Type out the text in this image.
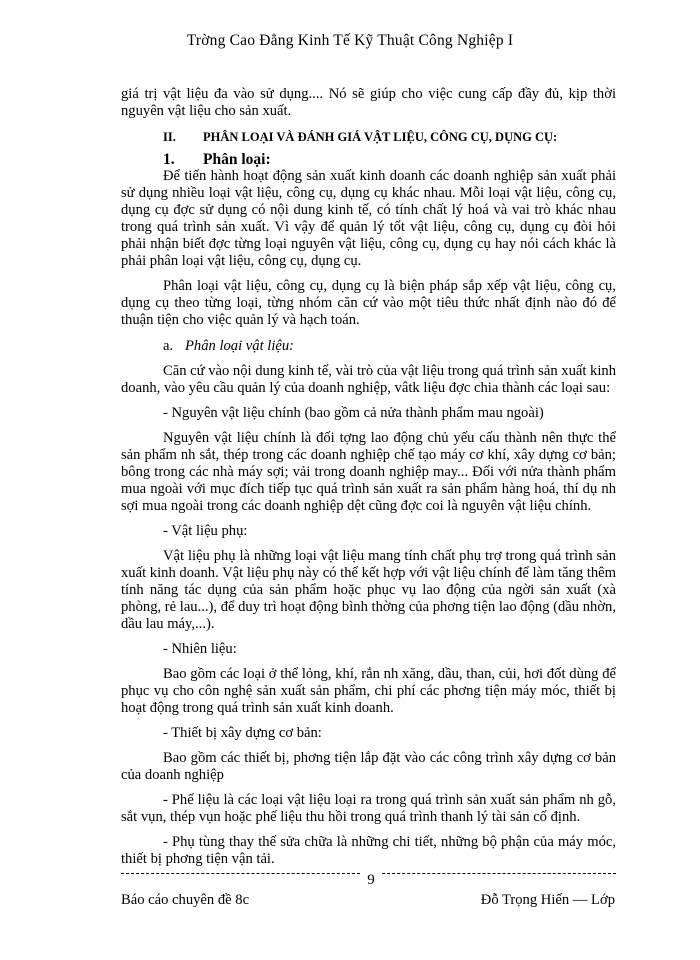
Trờng Cao Đẳng Kinh Tế Kỹ Thuật Công Nghiệp I

giá trị vật liệu đa vào sử dụng.... Nó sẽ giúp cho việc cung cấp đầy đủ, kịp thời nguyên vật liệu cho sản xuất.

II. PHÂN LOẠI VÀ ĐÁNH GIÁ VẬT LIỆU, CÔNG CỤ, DỤNG CỤ:

1. Phân loại:

Để tiến hành hoạt động sản xuất kinh doanh các doanh nghiệp sản xuất phải sử dụng nhiều loại vật liệu, công cụ, dụng cụ khác nhau. Mỗi loại vật liệu, công cụ, dụng cụ đợc sử dụng có nội dung kinh tế, có tính chất lý hoá và vai trò khác nhau trong quá trình sản xuất. Vì vậy để quản lý tốt vật liệu, công cụ, dụng cụ đòi hỏi phải nhận biết đợc từng loại nguyên vật liệu, công cụ, dụng cụ hay nói cách khác là phải phân loại vật liệu, công cụ, dụng cụ.

Phân loại vật liệu, công cụ, dụng cụ là biện pháp sắp xếp vật liệu, công cụ, dụng cụ theo từng loại, từng nhóm căn cứ vào một tiêu thức nhất định nào đó để thuận tiện cho việc quản lý và hạch toán.

a. Phân loại vật liệu:

Căn cứ vào nội dung kinh tế, vài trò của vật liệu trong quá trình sản xuất kinh doanh, vào yêu cầu quản lý của doanh nghiệp, vâtk liệu đợc chia thành các loại sau:

- Nguyên vật liệu chính (bao gồm cả nửa thành phẩm mau ngoài)

Nguyên vật liệu chính là đối tợng lao động chủ yếu cấu thành nên thực thể sản phẩm nh sắt, thép trong các doanh nghiệp chế tạo máy cơ khí, xây dựng cơ bản; bông trong các nhà máy sợi; vải trong doanh nghiệp may... Đối với nửa thành phẩm mua ngoài với mục đích tiếp tục quá trình sản xuất ra sản phẩm hàng hoá, thí dụ nh sợi mua ngoài trong các doanh nghiệp dệt cũng đợc coi là nguyên vật liệu chính.

- Vật liệu phụ:

Vật liệu phụ là những loại vật liệu mang tính chất phụ trợ trong quá trình sản xuất kinh doanh. Vật liệu phụ này có thể kết hợp với vật liệu chính để làm tăng thêm tính năng tác dụng của sản phẩm hoặc phục vụ lao động của ngời sản xuất (xà phòng, rẻ lau...), để duy trì hoạt động bình thờng của phơng tiện lao động (dầu nhờn, dầu lau máy,...).

- Nhiên liệu:

Bao gồm các loại ở thể lỏng, khí, rắn nh xăng, dầu, than, củi, hơi đốt dùng để phục vụ cho côn nghệ sản xuất sản phẩm, chi phí các phơng tiện máy móc, thiết bị hoạt động trong quá trình sản xuất kinh doanh.

- Thiết bị xây dựng cơ bản:

Bao gồm các thiết bị, phơng tiện lắp đặt vào các công trình xây dựng cơ bản của doanh nghiệp

- Phế liệu là các loại vật liệu loại ra trong quá trình sản xuất sản phẩm nh gỗ, sắt vụn, thép vụn hoặc phế liệu thu hồi trong quá trình thanh lý tài sản cố định.

- Phụ tùng thay thế sửa chữa là những chi tiết, những bộ phận của máy móc, thiết bị phơng tiện vận tải.

9
Báo cáo chuyên đề 8c	Đỗ Trọng Hiến — Lớp
